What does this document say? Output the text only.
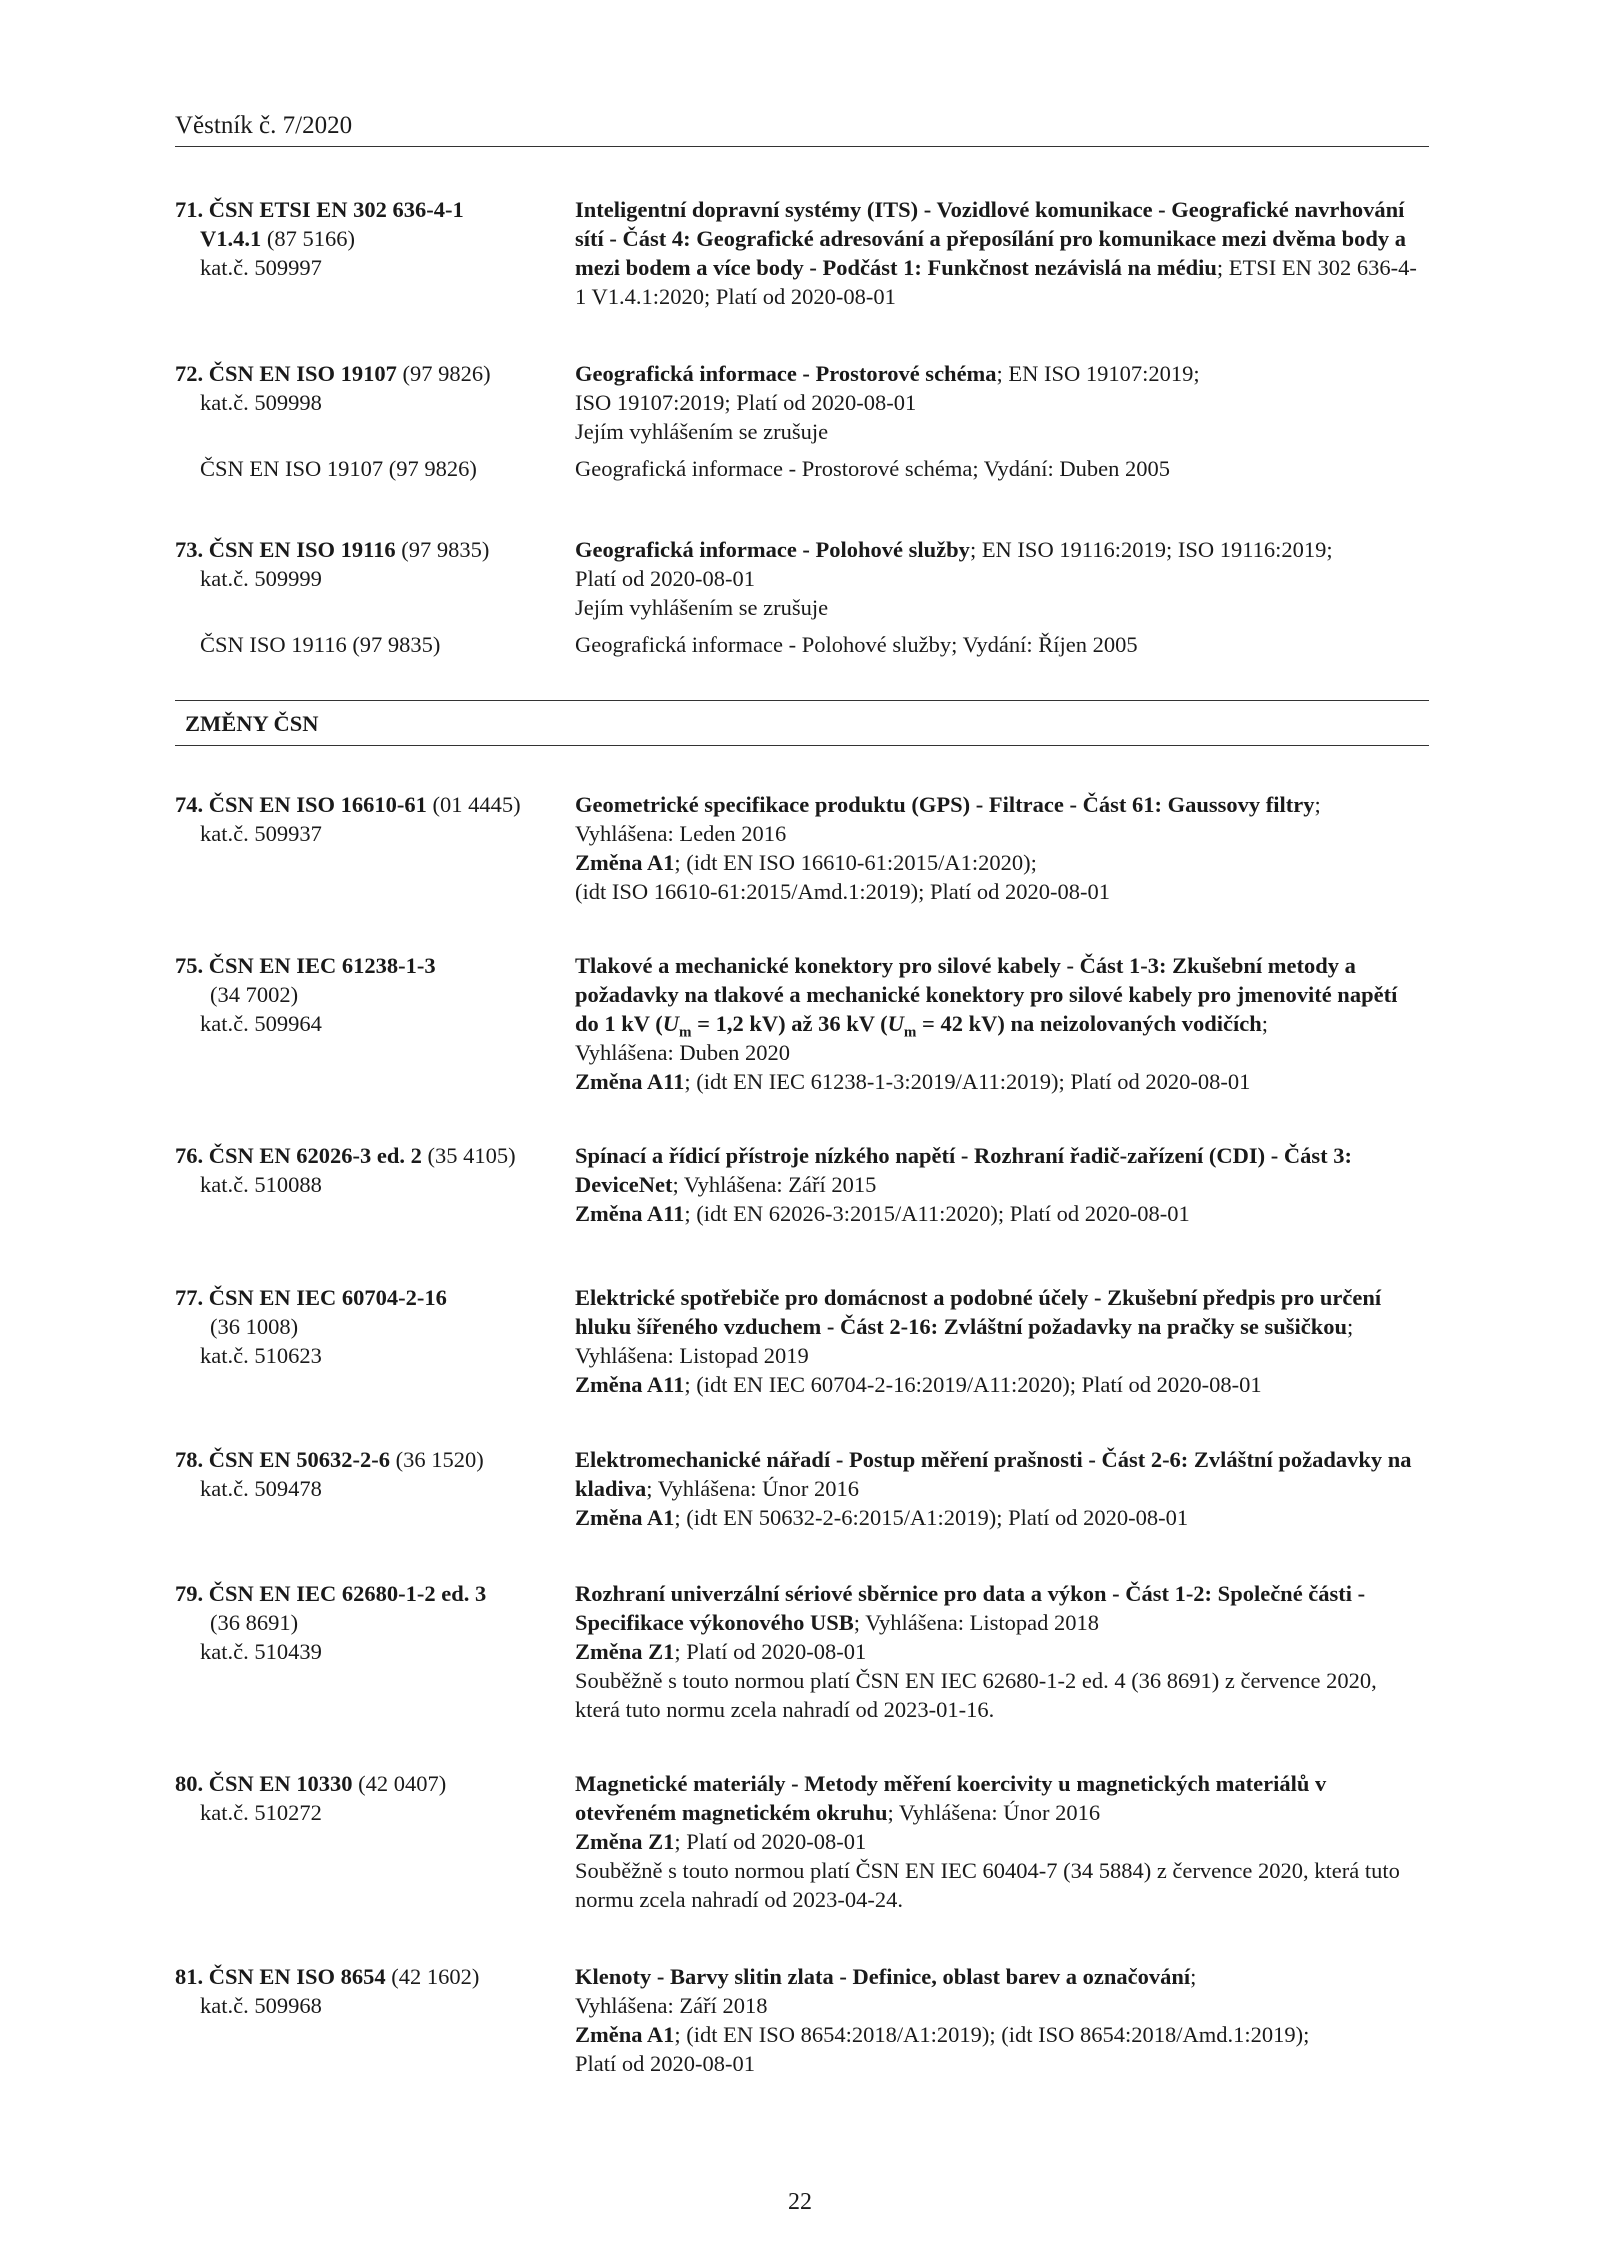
Věstník č. 7/2020
71. ČSN ETSI EN 302 636-4-1
V1.4.1 (87 5166)
kat.č. 509997
Inteligentní dopravní systémy (ITS) - Vozidlové komunikace - Geografické navrhování sítí - Část 4: Geografické adresování a přeposílání pro komunikace mezi dvěma body a mezi bodem a více body - Podčást 1: Funkčnost nezávislá na médiu; ETSI EN 302 636-4-1 V1.4.1:2020; Platí od 2020-08-01
72. ČSN EN ISO 19107 (97 9826)
kat.č. 509998
Geografická informace - Prostorové schéma; EN ISO 19107:2019;
ISO 19107:2019; Platí od 2020-08-01
Jejím vyhlášením se zrušuje
ČSN EN ISO 19107 (97 9826)	Geografická informace - Prostorové schéma; Vydání: Duben 2005
73. ČSN EN ISO 19116 (97 9835)
kat.č. 509999
Geografická informace - Polohové služby; EN ISO 19116:2019; ISO 19116:2019;
Platí od 2020-08-01
Jejím vyhlášením se zrušuje
ČSN ISO 19116 (97 9835)	Geografická informace - Polohové služby; Vydání: Říjen 2005
ZMĚNY ČSN
74. ČSN EN ISO 16610-61 (01 4445)
kat.č. 509937
Geometrické specifikace produktu (GPS) - Filtrace - Část 61: Gaussovy filtry;
Vyhlášena: Leden 2016
Změna A1; (idt EN ISO 16610-61:2015/A1:2020);
(idt ISO 16610-61:2015/Amd.1:2019); Platí od 2020-08-01
75. ČSN EN IEC 61238-1-3
(34 7002)
kat.č. 509964
Tlakové a mechanické konektory pro silové kabely - Část 1-3: Zkušební metody a požadavky na tlakové a mechanické konektory pro silové kabely pro jmenovité napětí do 1 kV ($U_m = 1,2$ kV) až 36 kV ($U_m = 42$ kV) na neizolovaných vodičích;
Vyhlášena: Duben 2020
Změna A11; (idt EN IEC 61238-1-3:2019/A11:2019); Platí od 2020-08-01
76. ČSN EN 62026-3 ed. 2 (35 4105)
kat.č. 510088
Spínací a řídicí přístroje nízkého napětí - Rozhraní řadič-zařízení (CDI) - Část 3: DeviceNet; Vyhlášena: Září 2015
Změna A11; (idt EN 62026-3:2015/A11:2020); Platí od 2020-08-01
77. ČSN EN IEC 60704-2-16
(36 1008)
kat.č. 510623
Elektrické spotřebiče pro domácnost a podobné účely - Zkušební předpis pro určení hluku šířeného vzduchem - Část 2-16: Zvláštní požadavky na pračky se sušičkou; Vyhlášena: Listopad 2019
Změna A11; (idt EN IEC 60704-2-16:2019/A11:2020); Platí od 2020-08-01
78. ČSN EN 50632-2-6 (36 1520)
kat.č. 509478
Elektromechanické nářadí - Postup měření prašnosti - Část 2-6: Zvláštní požadavky na kladiva; Vyhlášena: Únor 2016
Změna A1; (idt EN 50632-2-6:2015/A1:2019); Platí od 2020-08-01
79. ČSN EN IEC 62680-1-2 ed. 3
(36 8691)
kat.č. 510439
Rozhraní univerzální sériové sběrnice pro data a výkon - Část 1-2: Společné části - Specifikace výkonového USB; Vyhlášena: Listopad 2018
Změna Z1; Platí od 2020-08-01
Souběžně s touto normou platí ČSN EN IEC 62680-1-2 ed. 4 (36 8691) z července 2020, která tuto normu zcela nahradí od 2023-01-16.
80. ČSN EN 10330 (42 0407)
kat.č. 510272
Magnetické materiály - Metody měření koercivity u magnetických materiálů v otevřeném magnetickém okruhu; Vyhlášena: Únor 2016
Změna Z1; Platí od 2020-08-01
Souběžně s touto normou platí ČSN EN IEC 60404-7 (34 5884) z července 2020, která tuto normu zcela nahradí od 2023-04-24.
81. ČSN EN ISO 8654 (42 1602)
kat.č. 509968
Klenoty - Barvy slitin zlata - Definice, oblast barev a označování;
Vyhlášena: Září 2018
Změna A1; (idt EN ISO 8654:2018/A1:2019); (idt ISO 8654:2018/Amd.1:2019);
Platí od 2020-08-01
22
